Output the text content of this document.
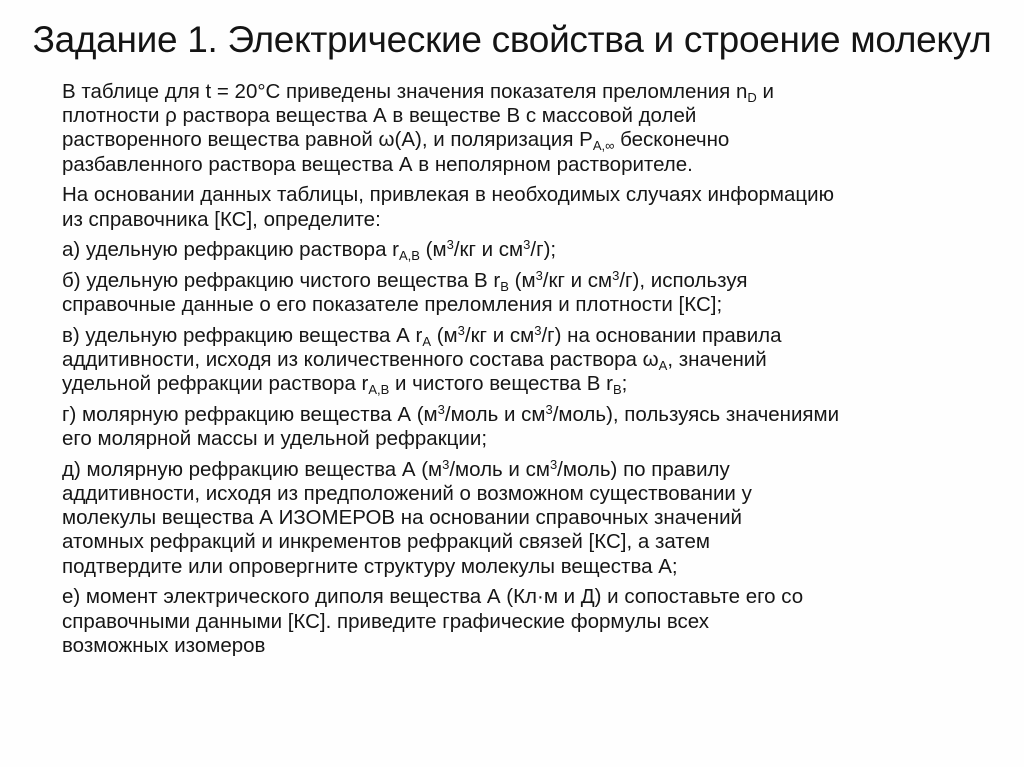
Задание 1. Электрические свойства и строение молекул
В таблице для t = 20°С приведены значения показателя преломления $n_D$ и
плотности ρ раствора вещества А в веществе В с массовой долей
растворенного вещества равной ω(А), и поляризация $P_{A,\infty}$ бесконечно
разбавленного раствора вещества А в неполярном растворителе.
На основании данных таблицы, привлекая в необходимых случаях информацию
из справочника [КС], определите:
а) удельную рефракцию раствора $r_{A,B}$ ($м^3/кг$ и $см^3/г$);
б) удельную рефракцию чистого вещества В $r_B$ ($м^3/кг$ и $см^3/г$), используя
справочные данные о его показателе преломления и плотности [КС];
в) удельную рефракцию вещества А $r_A$ ($м^3/кг$ и $см^3/г$) на основании правила
аддитивности, исходя из количественного состава раствора $\omega_A$, значений
удельной рефракции раствора $r_{A,B}$ и чистого вещества В $r_B$;
г) молярную рефракцию вещества А ($м^3$/моль и $см^3/моль$), пользуясь значениями
его молярной массы и удельной рефракции;
д) молярную рефракцию вещества А ($м^3$/моль и $см^3/моль$) по правилу
аддитивности, исходя из предположений о возможном существовании у
молекулы вещества А ИЗОМЕРОВ на основании справочных значений
атомных рефракций и инкрементов рефракций связей [КС], а затем
подтвердите или опровергните структуру молекулы вещества А;
е) момент электрического диполя вещества А (Кл·м и Д) и сопоставьте его со
справочными данными [КС]. приведите графические формулы всех
возможных изомеров
